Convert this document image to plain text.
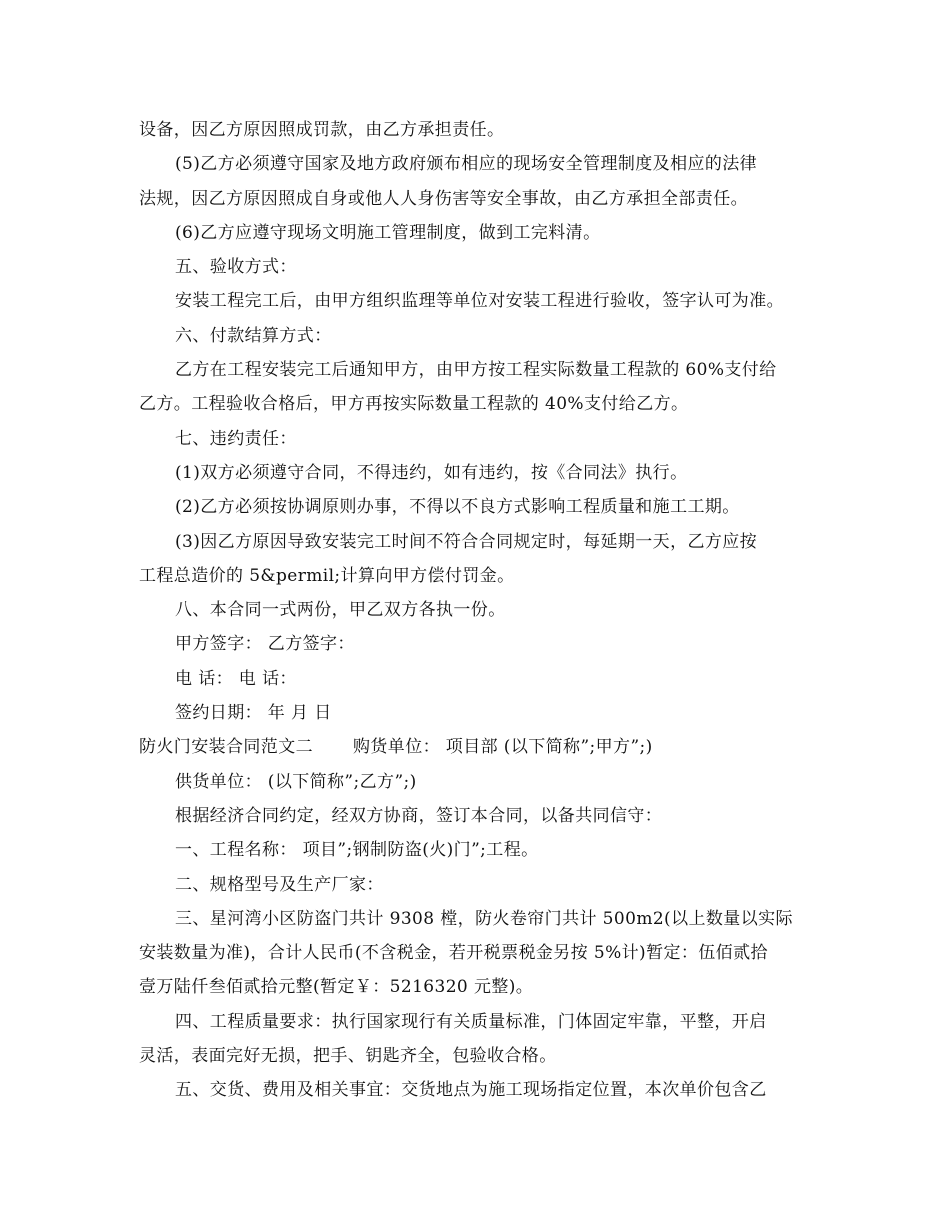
设备，因乙方原因照成罚款，由乙方承担责任。
(5)乙方必须遵守国家及地方政府颁布相应的现场安全管理制度及相应的法律
法规，因乙方原因照成自身或他人人身伤害等安全事故，由乙方承担全部责任。
(6)乙方应遵守现场文明施工管理制度，做到工完料清。
五、验收方式：
安装工程完工后，由甲方组织监理等单位对安装工程进行验收，签字认可为准。
六、付款结算方式：
乙方在工程安装完工后通知甲方，由甲方按工程实际数量工程款的 60%支付给
乙方。工程验收合格后，甲方再按实际数量工程款的 40%支付给乙方。
七、违约责任：
(1)双方必须遵守合同，不得违约，如有违约，按《合同法》执行。
(2)乙方必须按协调原则办事，不得以不良方式影响工程质量和施工工期。
(3)因乙方原因导致安装完工时间不符合合同规定时，每延期一天，乙方应按
工程总造价的 5&permil;计算向甲方偿付罚金。
八、本合同一式两份，甲乙双方各执一份。
甲方签字： 乙方签字：
电 话： 电 话：
签约日期： 年 月 日
防火门安装合同范文二 购货单位： 项目部 (以下简称”;甲方”;)
供货单位： (以下简称”;乙方”;)
根据经济合同约定，经双方协商，签订本合同，以备共同信守：
一、工程名称： 项目”;钢制防盗(火)门”;工程。
二、规格型号及生产厂家：
三、星河湾小区防盗门共计 9308 樘，防火卷帘门共计 500m2(以上数量以实际
安装数量为准)，合计人民币(不含税金，若开税票税金另按 5%计)暂定：伍佰贰拾
壹万陆仟叁佰贰拾元整(暂定￥：5216320 元整)。
四、工程质量要求：执行国家现行有关质量标准，门体固定牢靠，平整，开启
灵活，表面完好无损，把手、钥匙齐全，包验收合格。
五、交货、费用及相关事宜：交货地点为施工现场指定位置，本次单价包含乙
